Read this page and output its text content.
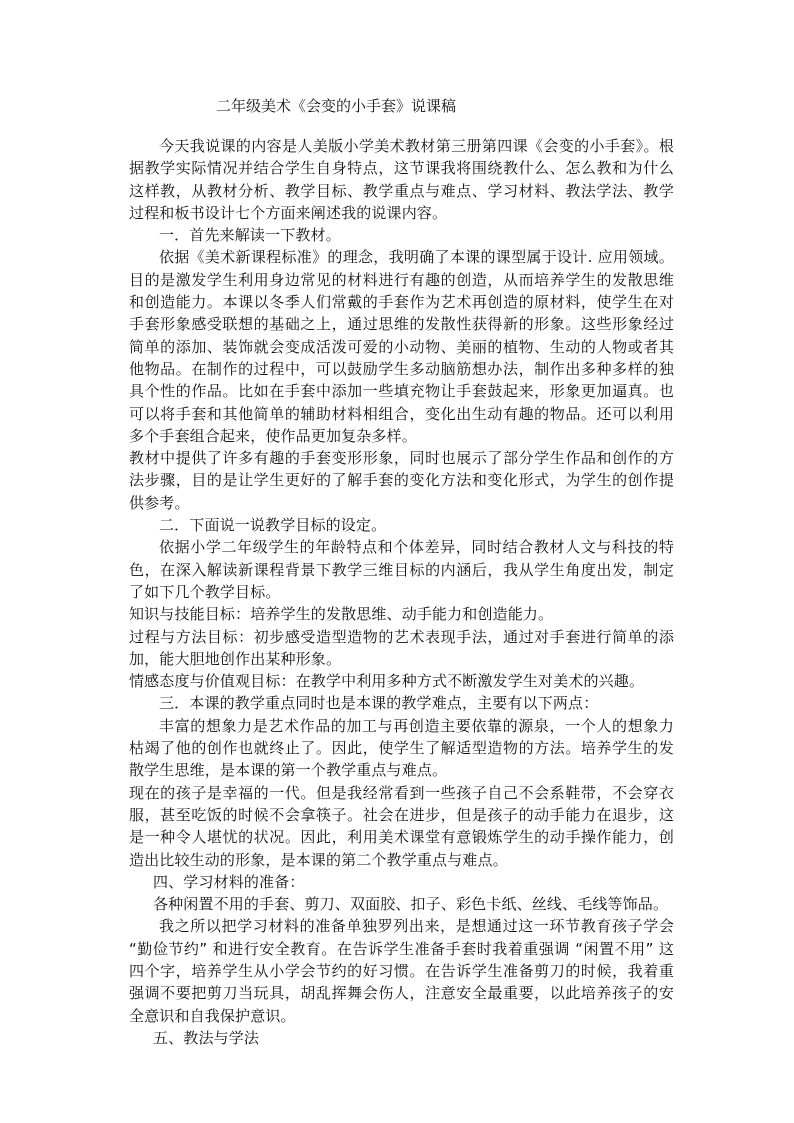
二年级美术《会变的小手套》说课稿

今天我说课的内容是人美版小学美术教材第三册第四课《会变的小手套》。根据教学实际情况并结合学生自身特点，这节课我将围绕教什么、怎么教和为什么这样教，从教材分析、教学目标、教学重点与难点、学习材料、教法学法、教学过程和板书设计七个方面来阐述我的说课内容。

一．首先来解读一下教材。

依据《美术新课程标准》的理念，我明确了本课的课型属于设计. 应用领域。目的是激发学生利用身边常见的材料进行有趣的创造，从而培养学生的发散思维和创造能力。本课以冬季人们常戴的手套作为艺术再创造的原材料，使学生在对手套形象感受联想的基础之上，通过思维的发散性获得新的形象。这些形象经过简单的添加、装饰就会变成活泼可爱的小动物、美丽的植物、生动的人物或者其他物品。在制作的过程中，可以鼓励学生多动脑筋想办法，制作出多种多样的独具个性的作品。比如在手套中添加一些填充物让手套鼓起来，形象更加逼真。也可以将手套和其他简单的辅助材料相组合，变化出生动有趣的物品。还可以利用多个手套组合起来，使作品更加复杂多样。

教材中提供了许多有趣的手套变形形象，同时也展示了部分学生作品和创作的方法步骤，目的是让学生更好的了解手套的变化方法和变化形式，为学生的创作提供参考。

二．下面说一说教学目标的设定。

依据小学二年级学生的年龄特点和个体差异，同时结合教材人文与科技的特色，在深入解读新课程背景下教学三维目标的内涵后，我从学生角度出发，制定了如下几个教学目标。

知识与技能目标：培养学生的发散思维、动手能力和创造能力。

过程与方法目标：初步感受造型造物的艺术表现手法，通过对手套进行简单的添加，能大胆地创作出某种形象。

情感态度与价值观目标：在教学中利用多种方式不断激发学生对美术的兴趣。

三．本课的教学重点同时也是本课的教学难点，主要有以下两点：

丰富的想象力是艺术作品的加工与再创造主要依靠的源泉，一个人的想象力枯竭了他的创作也就终止了。因此，使学生了解适型造物的方法。培养学生的发散学生思维，是本课的第一个教学重点与难点。

现在的孩子是幸福的一代。但是我经常看到一些孩子自己不会系鞋带，不会穿衣服，甚至吃饭的时候不会拿筷子。社会在进步，但是孩子的动手能力在退步，这是一种令人堪忧的状况。因此，利用美术课堂有意锻炼学生的动手操作能力，创造出比较生动的形象，是本课的第二个教学重点与难点。

四、学习材料的准备：

各种闲置不用的手套、剪刀、双面胶、扣子、彩色卡纸、丝线、毛线等饰品。

我之所以把学习材料的准备单独罗列出来，是想通过这一环节教育孩子学会 “勤俭节约” 和进行安全教育。在告诉学生准备手套时我着重强调 “闲置不用” 这四个字，培养学生从小学会节约的好习惯。在告诉学生准备剪刀的时候，我着重强调不要把剪刀当玩具，胡乱挥舞会伤人，注意安全最重要，以此培养孩子的安全意识和自我保护意识。

五、教法与学法
